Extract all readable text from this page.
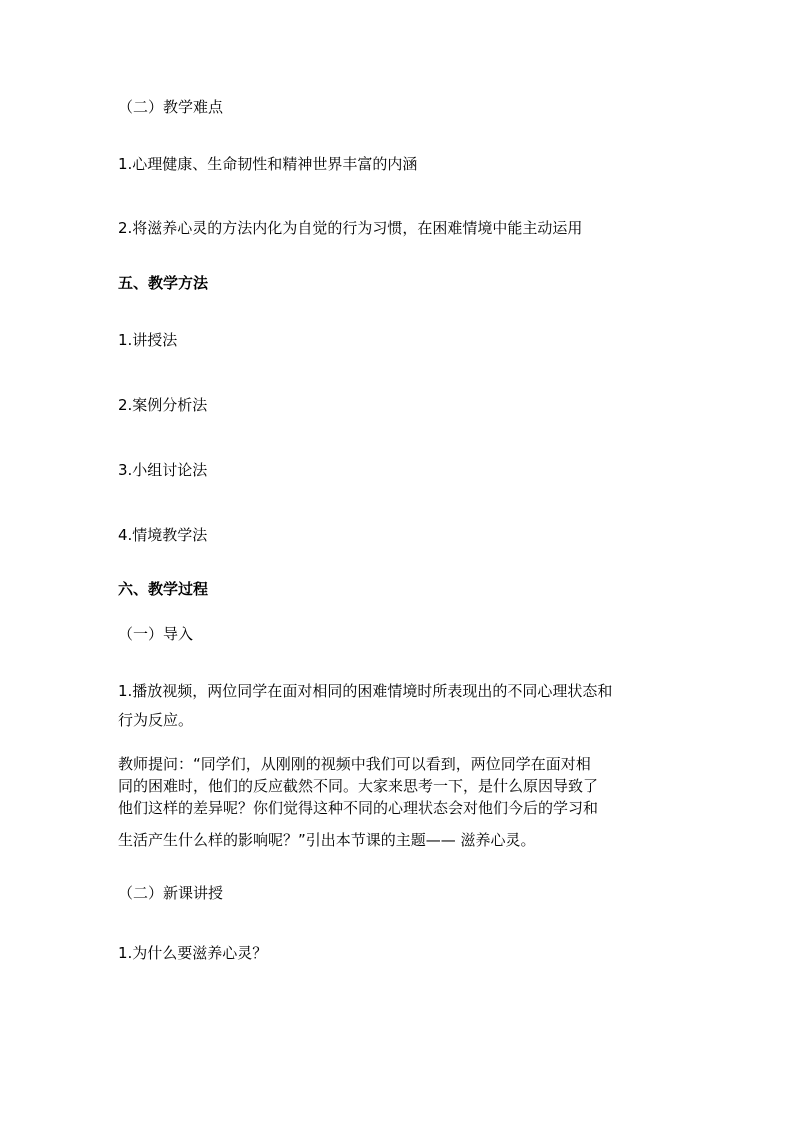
（二）教学难点

1.心理健康、生命韧性和精神世界丰富的内涵

2.将滋养心灵的方法内化为自觉的行为习惯，在困难情境中能主动运用

五、教学方法

1.讲授法

2.案例分析法

3.小组讨论法

4.情境教学法

六、教学过程

（一）导入

1.播放视频，两位同学在面对相同的困难情境时所表现出的不同心理状态和

行为反应。

教师提问：“同学们，从刚刚的视频中我们可以看到，两位同学在面对相

同的困难时，他们的反应截然不同。大家来思考一下，是什么原因导致了

他们这样的差异呢？你们觉得这种不同的心理状态会对他们今后的学习和

生活产生什么样的影响呢？”引出本节课的主题—— 滋养心灵。

（二）新课讲授

1.为什么要滋养心灵？
